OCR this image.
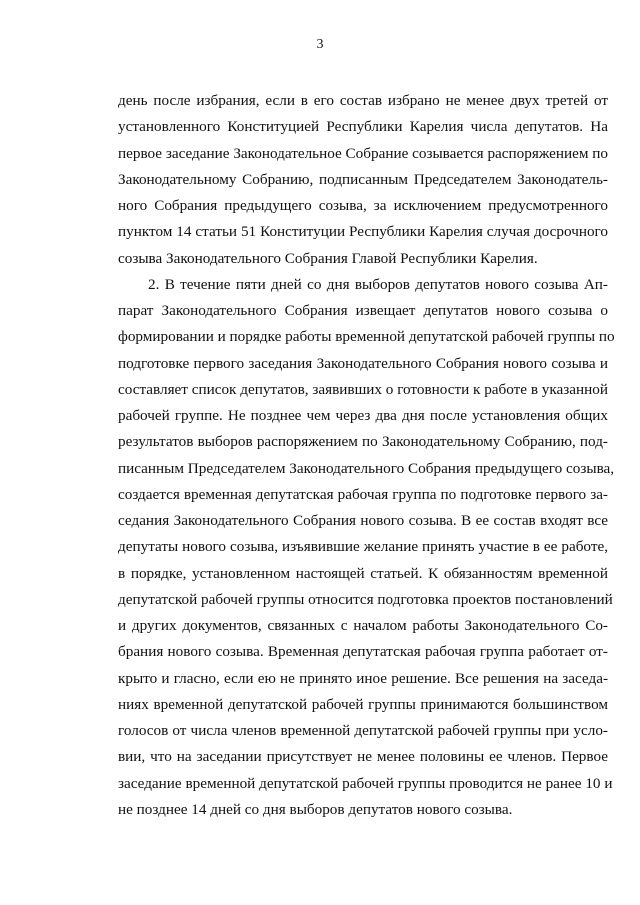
3
день после избрания, если в его состав избрано не менее двух третей от
установленного Конституцией Республики Карелия числа депутатов. На
первое заседание Законодательное Собрание созывается распоряжением по
Законодательному Собранию, подписанным Председателем Законодатель-
ного Собрания предыдущего созыва, за исключением предусмотренного
пунктом 14 статьи 51 Конституции Республики Карелия случая досрочного
созыва Законодательного Собрания Главой Республики Карелия.
2. В течение пяти дней со дня выборов депутатов нового созыва Ап-
парат Законодательного Собрания извещает депутатов нового созыва о
формировании и порядке работы временной депутатской рабочей группы по
подготовке первого заседания Законодательного Собрания нового созыва и
составляет список депутатов, заявивших о готовности к работе в указанной
рабочей группе. Не позднее чем через два дня после установления общих
результатов выборов распоряжением по Законодательному Собранию, под-
писанным Председателем Законодательного Собрания предыдущего созыва,
создается временная депутатская рабочая группа по подготовке первого за-
седания Законодательного Собрания нового созыва. В ее состав входят все
депутаты нового созыва, изъявившие желание принять участие в ее работе,
в порядке, установленном настоящей статьей. К обязанностям временной
депутатской рабочей группы относится подготовка проектов постановлений
и других документов, связанных с началом работы Законодательного Со-
брания нового созыва. Временная депутатская рабочая группа работает от-
крыто и гласно, если ею не принято иное решение. Все решения на заседа-
ниях временной депутатской рабочей группы принимаются большинством
голосов от числа членов временной депутатской рабочей группы при усло-
вии, что на заседании присутствует не менее половины ее членов. Первое
заседание временной депутатской рабочей группы проводится не ранее 10 и
не позднее 14 дней со дня выборов депутатов нового созыва.
